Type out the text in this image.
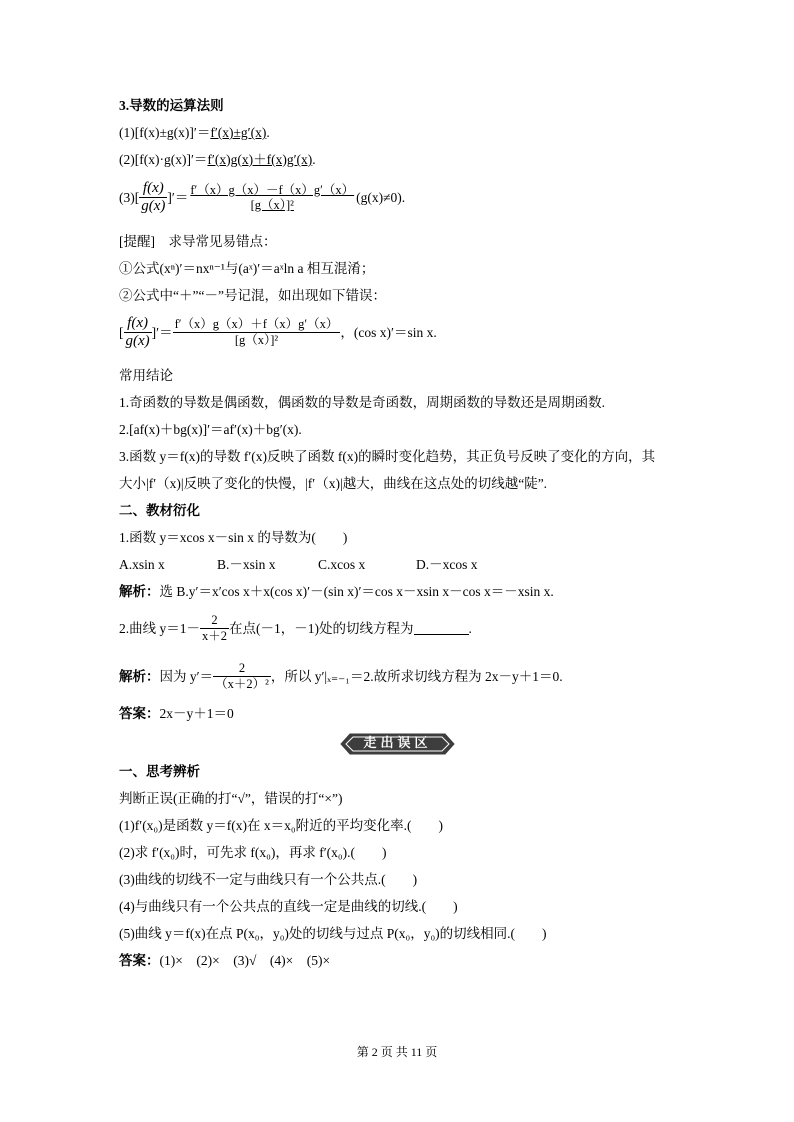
3.导数的运算法则
(1)[f(x)±g(x)]′＝f′(x)±g′(x).
(2)[f(x)·g(x)]′＝f′(x)g(x)＋f(x)g′(x).
$(3)[ \frac{f(x)}{g(x)}$ ]′＝ $\frac{f'(x)g(x)-f(x)g'(x)}{\text{[g（x）]²}} (g(x)\ne 0)$.
[提醒]　求导常见易错点：
①公式(xⁿ)′＝nxⁿ⁻¹与(aˣ)′＝aˣln a 相互混淆；
②公式中“＋”“－”号记混，如出现如下错误：
[ $\frac{f(x)}{g(x)}$ ]′＝ $\frac{f'(x)g(x)+f(x)g'(x)}{\text{[g（x）]²}}$ ，(cos x)′＝sin x.
常用结论
1.奇函数的导数是偶函数，偶函数的导数是奇函数，周期函数的导数还是周期函数.
2.[af(x)＋bg(x)]′＝af′(x)＋bg′(x).
3.函数 y＝f(x)的导数 f′(x)反映了函数 f(x)的瞬时变化趋势，其正负号反映了变化的方向，其
大小|f′（x)|反映了变化的快慢，|f′（x)|越大，曲线在这点处的切线越“陡”.
二、教材衍化
1.函数 y＝xcos x－sin x 的导数为(　　)
A.xsin x	B.－xsin x	C.xcos x	D.－xcos x
解析：选 B.y′＝x′cos x＋x(cos x)′－(sin x)′＝cos x－xsin x－cos x＝－xsin x.
2.曲线 $y=1- \frac{2}{x+2}$ 在点(－1，－1)处的切线方程为	.
解析：因为 $y'= \frac{2}{\text{（x＋2）²}}$ ，所以 y′|ₓ₌₋₁＝2.故所求切线方程为 2x－y＋1＝0.
答案：2x－y＋1＝0
走出误区
一、思考辨析
判断正误(正确的打“√”，错误的打“×”)
(1)f′(x₀)是函数 y＝f(x)在 x＝x₀附近的平均变化率.(　　)
(2)求 f′(x₀)时，可先求 f(x₀)，再求 f′(x₀).(　　)
(3)曲线的切线不一定与曲线只有一个公共点.(　　)
(4)与曲线只有一个公共点的直线一定是曲线的切线.(　　)
(5)曲线 y＝f(x)在点 P(x₀，y₀)处的切线与过点 P(x₀，y₀)的切线相同.(　　)
答案：(1)×　(2)×　(3)√　(4)×　(5)×
第 2 页 共 11 页
